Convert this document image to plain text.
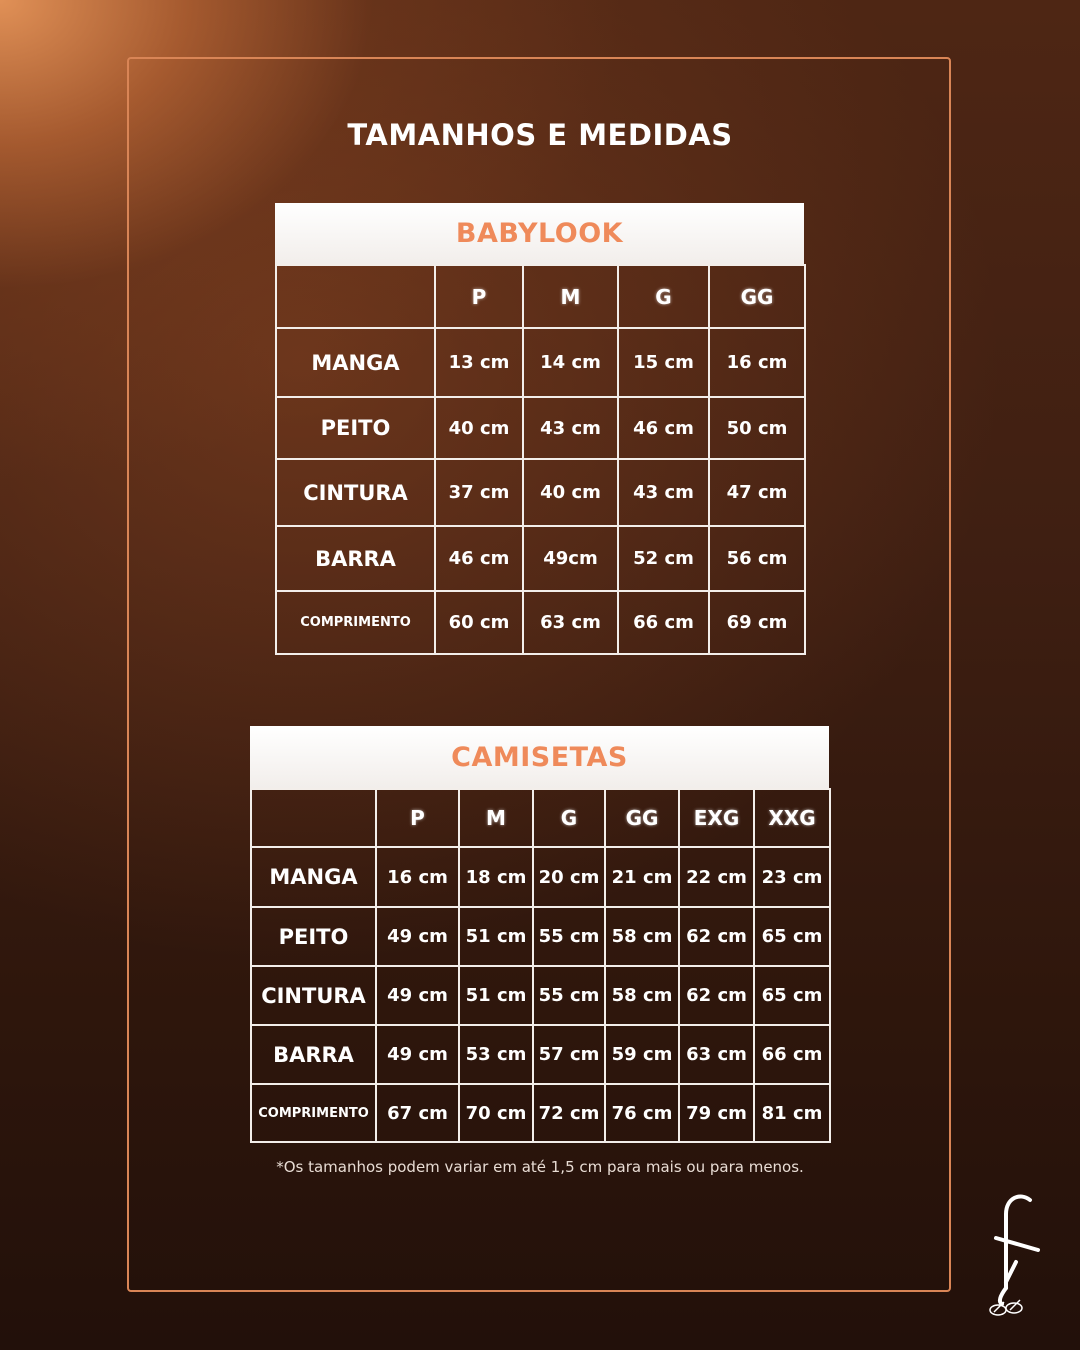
TAMANHOS E MEDIDAS
BABYLOOK
	P	M	G	GG
MANGA	13 cm	14 cm	15 cm	16 cm
PEITO	40 cm	43 cm	46 cm	50 cm
CINTURA	37 cm	40 cm	43 cm	47 cm
BARRA	46 cm	49cm	52 cm	56 cm
COMPRIMENTO	60 cm	63 cm	66 cm	69 cm
CAMISETAS
	P	M	G	GG	EXG	XXG
MANGA	16 cm	18 cm	20 cm	21 cm	22 cm	23 cm
PEITO	49 cm	51 cm	55 cm	58 cm	62 cm	65 cm
CINTURA	49 cm	51 cm	55 cm	58 cm	62 cm	65 cm
BARRA	49 cm	53 cm	57 cm	59 cm	63 cm	66 cm
COMPRIMENTO	67 cm	70 cm	72 cm	76 cm	79 cm	81 cm
*Os tamanhos podem variar em até 1,5 cm para mais ou para menos.
